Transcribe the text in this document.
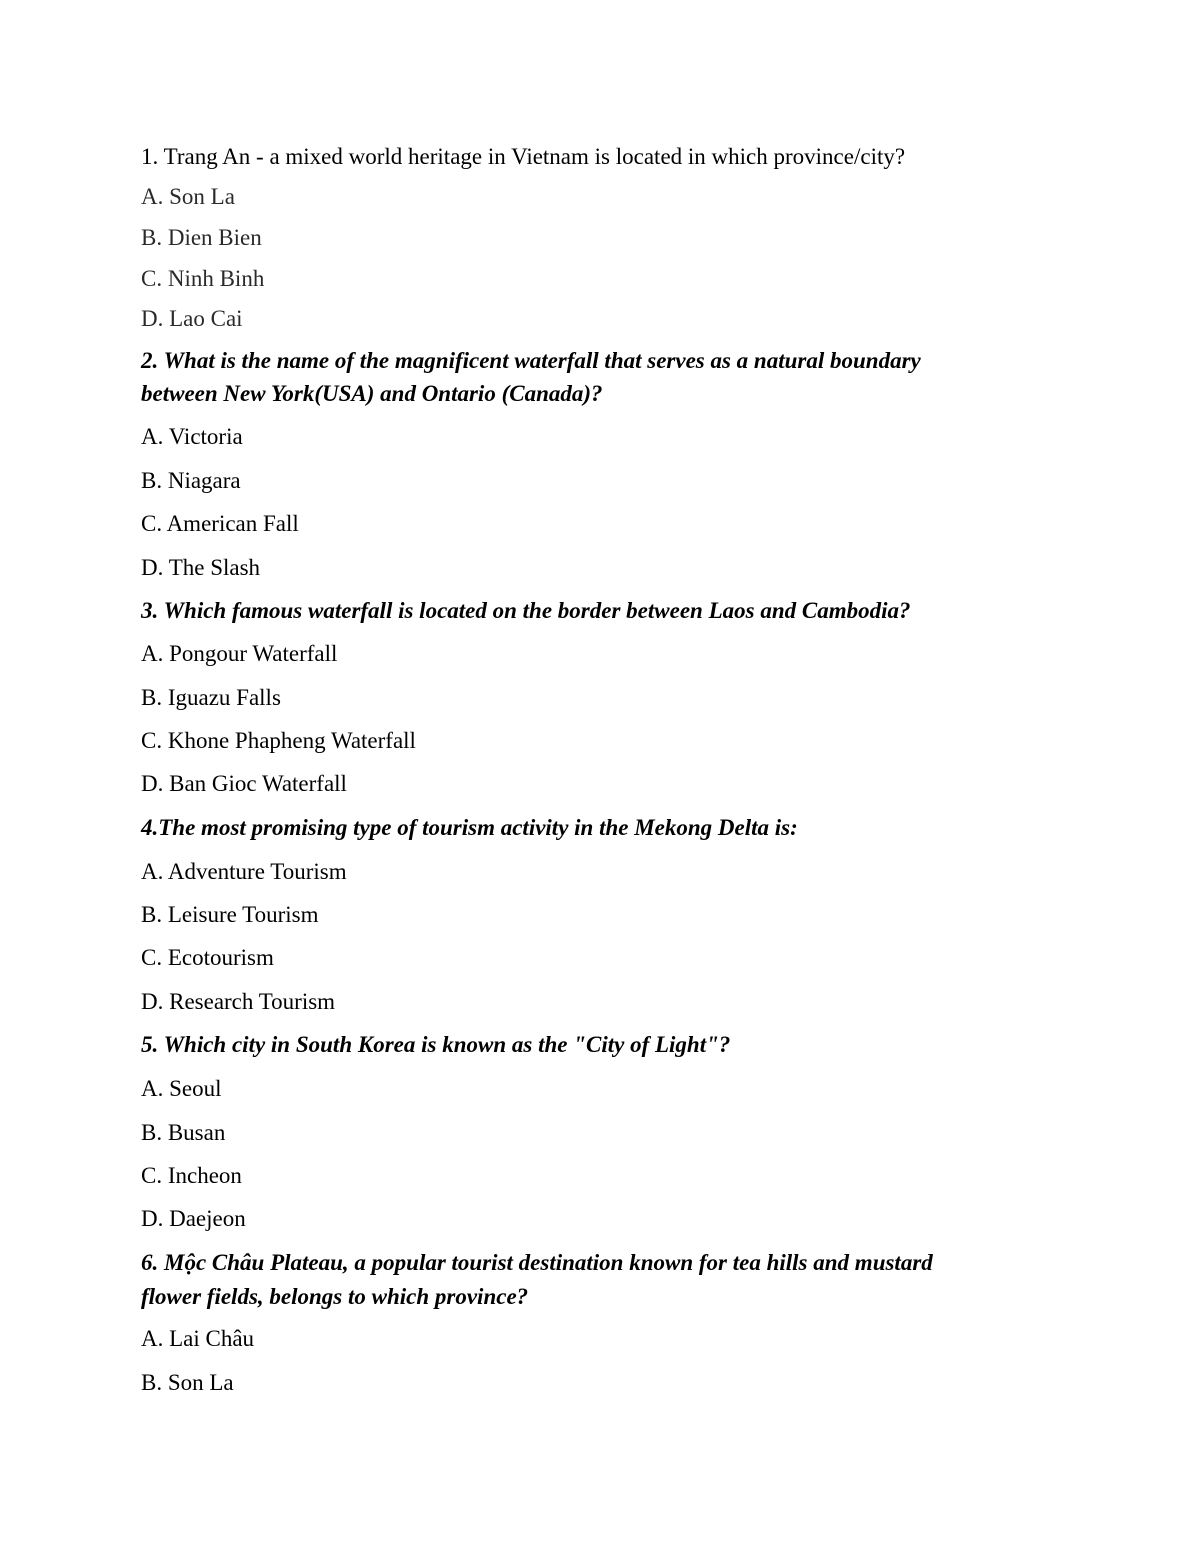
1. Trang An - a mixed world heritage in Vietnam is located in which province/city?
A. Son La
B. Dien Bien
C. Ninh Binh
D. Lao Cai
2. What is the name of the magnificent waterfall that serves as a natural boundary
between New York(USA) and Ontario (Canada)?
A. Victoria
B. Niagara
C. American Fall
D. The Slash
3. Which famous waterfall is located on the border between Laos and Cambodia?
A. Pongour Waterfall
B. Iguazu Falls
C. Khone Phapheng Waterfall
D. Ban Gioc Waterfall
4.The most promising type of tourism activity in the Mekong Delta is:
A. Adventure Tourism
B. Leisure Tourism
C. Ecotourism
D. Research Tourism
5. Which city in South Korea is known as the "City of Light"?
A. Seoul
B. Busan
C. Incheon
D. Daejeon
6. Mộc Châu Plateau, a popular tourist destination known for tea hills and mustard
flower fields, belongs to which province?
A. Lai Châu
B. Son La
